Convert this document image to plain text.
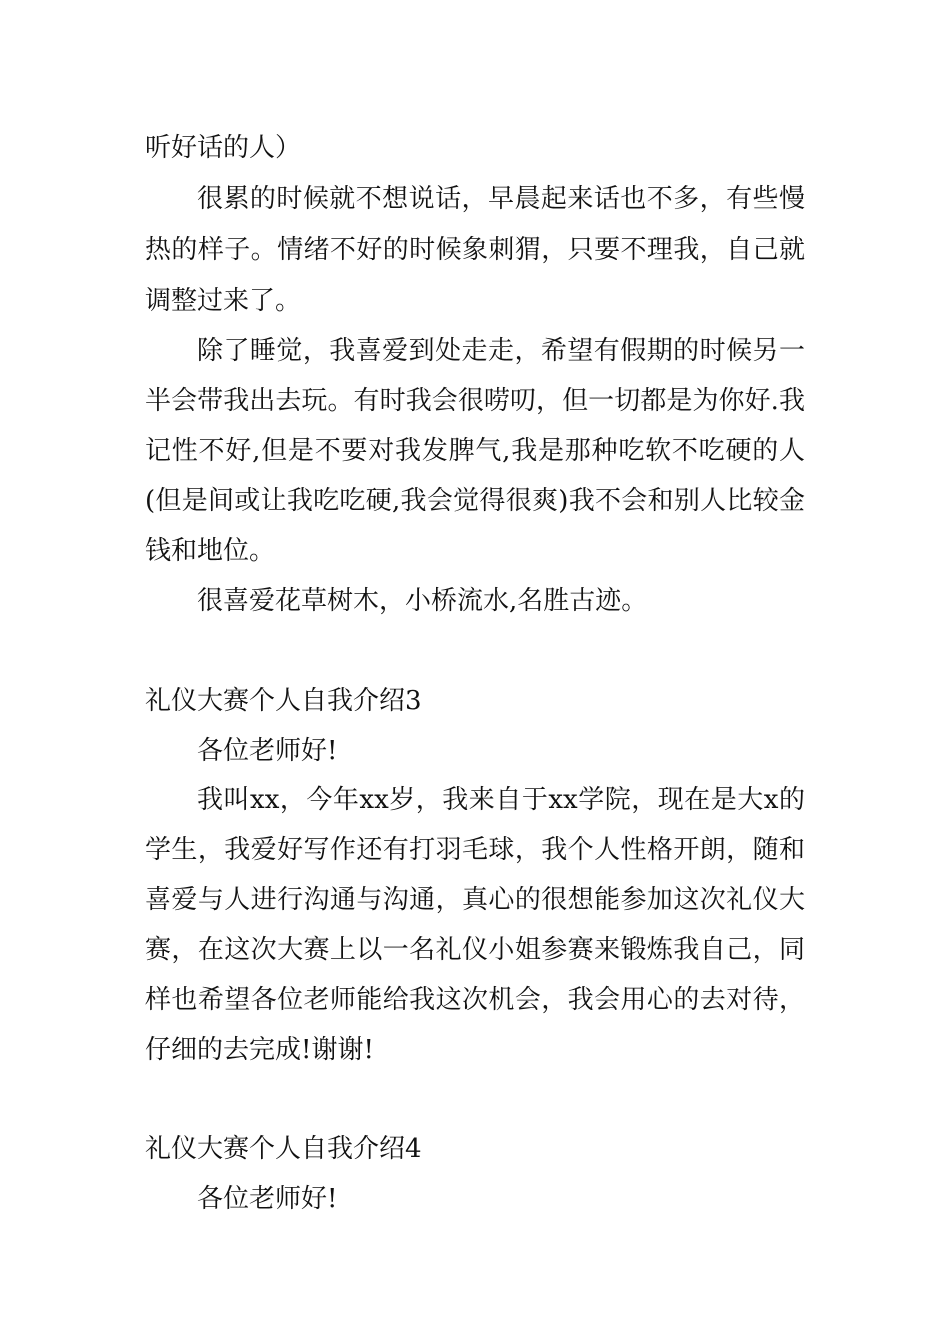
听好话的人）
很累的时候就不想说话，早晨起来话也不多，有些慢
热的样子。情绪不好的时候象刺猬，只要不理我，自己就
调整过来了。
除了睡觉，我喜爱到处走走，希望有假期的时候另一
半会带我出去玩。有时我会很唠叨，但一切都是为你好.我
记性不好,但是不要对我发脾气,我是那种吃软不吃硬的人
(但是间或让我吃吃硬,我会觉得很爽)我不会和别人比较金
钱和地位。
很喜爱花草树木，小桥流水,名胜古迹。
礼仪大赛个人自我介绍3
各位老师好!
我叫xx，今年xx岁，我来自于xx学院，现在是大x的
学生，我爱好写作还有打羽毛球，我个人性格开朗，随和
喜爱与人进行沟通与沟通，真心的很想能参加这次礼仪大
赛，在这次大赛上以一名礼仪小姐参赛来锻炼我自己，同
样也希望各位老师能给我这次机会，我会用心的去对待，
仔细的去完成!谢谢!
礼仪大赛个人自我介绍4
各位老师好!
